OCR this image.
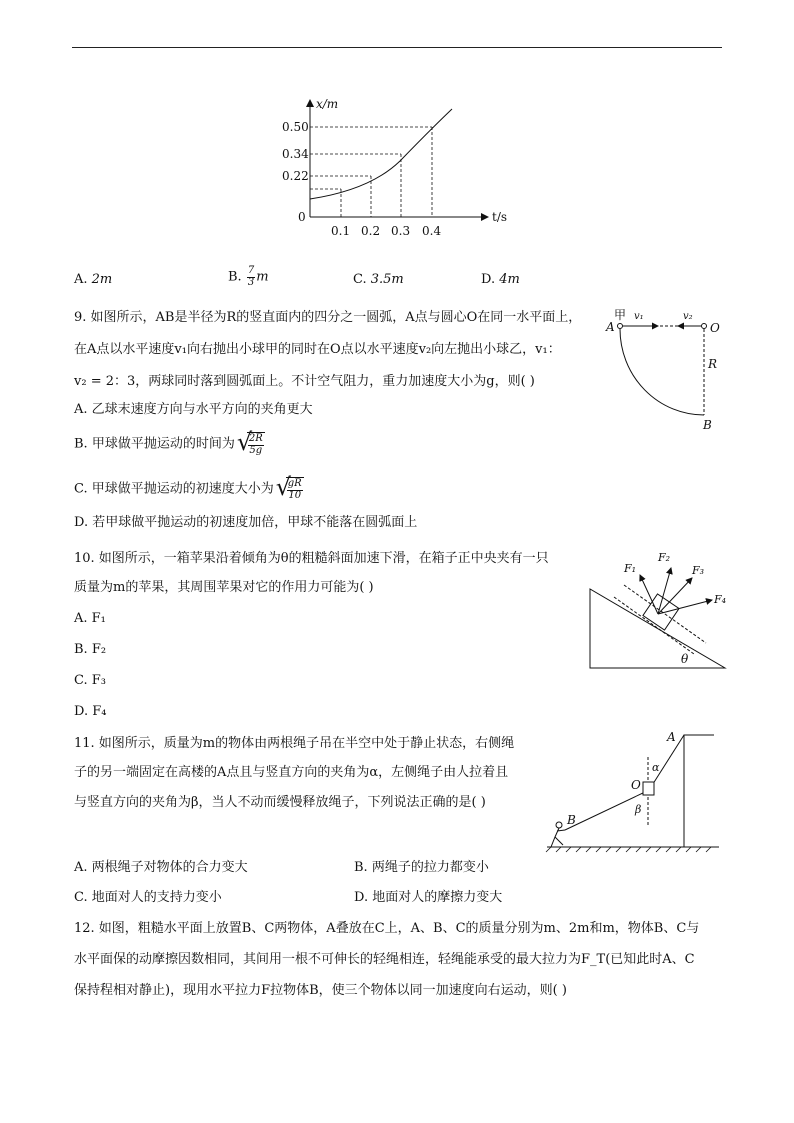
x/m
t/s
0
0.50
0.34
0.22
0.1 0.2 0.3 0.4
A. 2m	B. $\frac{7}{3}$ m	C. 3.5m	D. 4m
9. 如图所示，AB是半径为R的竖直面内的四分之一圆弧，A点与圆心O在同一水平面上，
在A点以水平速度v₁向右抛出小球甲的同时在O点以水平速度v₂向左抛出小球乙，v₁：
v₂ = 2：3，两球同时落到圆弧面上。不计空气阻力，重力加速度大小为g，则( )
A. 乙球末速度方向与水平方向的夹角更大
B. 甲球做平抛运动的时间为 √
$\frac{2R}{5g}$
C. 甲球做平抛运动的初速度大小为 √
$\frac{gR}{10}$
D. 若甲球做平抛运动的初速度加倍，甲球不能落在圆弧面上
甲
A
v₁	v₂
O
R
B
10. 如图所示，一箱苹果沿着倾角为θ的粗糙斜面加速下滑，在箱子正中央夹有一只
质量为m的苹果，其周围苹果对它的作用力可能为( )
A. F₁
B. F₂
C. F₃
D. F₄
F₁
F₂
F₃
F₄
θ
11. 如图所示，质量为m的物体由两根绳子吊在半空中处于静止状态，右侧绳
子的另一端固定在高楼的A点且与竖直方向的夹角为α，左侧绳子由人拉着且
与竖直方向的夹角为β，当人不动而缓慢释放绳子，下列说法正确的是( )
A. 两根绳子对物体的合力变大	B. 两绳子的拉力都变小
C. 地面对人的支持力变小	D. 地面对人的摩擦力变大
A
O
α
β
B
12. 如图，粗糙水平面上放置B、C两物体，A叠放在C上，A、B、C的质量分别为m、2m和m，物体B、C与
水平面保的动摩擦因数相同，其间用一根不可伸长的轻绳相连，轻绳能承受的最大拉力为F_T(已知此时A、C
保持程相对静止)，现用水平拉力F拉物体B，使三个物体以同一加速度向右运动，则( )
